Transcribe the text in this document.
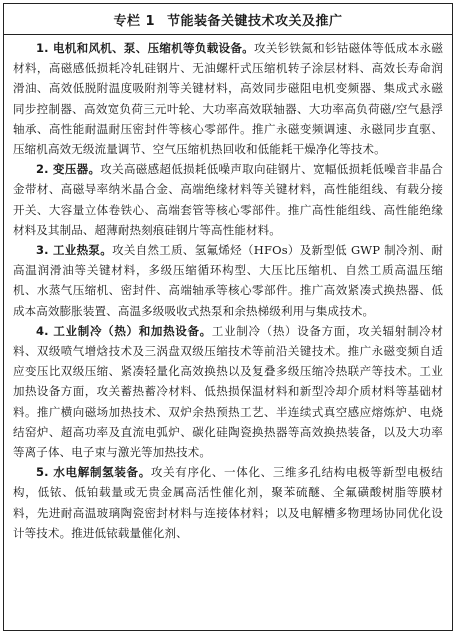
专栏 1 节能装备关键技术攻关及推广

1. 电机和风机、泵、压缩机等负载设备。攻关钐铁氮和钐钴磁体等低成本永磁材料，高磁感低损耗冷轧硅钢片、无油螺杆式压缩机转子涂层材料、高效长寿命润滑油、高效低脱附温度吸附剂等关键材料，高效同步磁阻电机变频器、集成式永磁同步控制器、高效宽负荷三元叶轮、大功率高效联轴器、大功率高负荷磁/空气悬浮轴承、高性能耐温耐压密封件等核心零部件。推广永磁变频调速、永磁同步直驱、压缩机高效无级流量调节、空气压缩机热回收和低能耗干燥净化等技术。

2. 变压器。攻关高磁感超低损耗低噪声取向硅钢片、宽幅低损耗低噪音非晶合金带材、高磁导率纳米晶合金、高端绝缘材料等关键材料，高性能组线、有载分接开关、大容量立体卷铁心、高端套管等核心零部件。推广高性能组线、高性能绝缘材料及其制品、超薄耐热刻痕硅钢片等高性能材料。

3. 工业热泵。攻关自然工质、氢氟烯烃（HFOs）及新型低 GWP 制冷剂、耐高温润滑油等关键材料，多级压缩循环构型、大压比压缩机、自然工质高温压缩机、水蒸气压缩机、密封件、高端轴承等核心零部件。推广高效紧凑式换热器、低成本高效膨胀装置、高温多级吸收式热泵和余热梯级利用与集成技术。

4. 工业制冷（热）和加热设备。工业制冷（热）设备方面，攻关辐射制冷材料、双级喷气增焓技术及三涡盘双级压缩技术等前沿关键技术。推广永磁变频自适应变压比双级压缩、紧凑轻量化高效换热以及复叠多级压缩冷热联产等技术。工业加热设备方面，攻关蓄热蓄冷材料、低热损保温材料和新型冷却介质材料等基础材料。推广横向磁场加热技术、双炉余热预热工艺、半连续式真空感应熔炼炉、电烧结窑炉、超高功率及直流电弧炉、碳化硅陶瓷换热器等高效换热装备，以及大功率等离子体、电子束与激光等加热技术。

5. 水电解制氢装备。攻关有序化、一体化、三维多孔结构电极等新型电极结构，低铱、低铂载量或无贵金属高活性催化剂，聚苯硫醚、全氟磺酸树脂等膜材料，先进耐高温玻璃陶瓷密封材料与连接体材料；以及电解槽多物理场协同优化设计等技术。推进低铱载量催化剂、
